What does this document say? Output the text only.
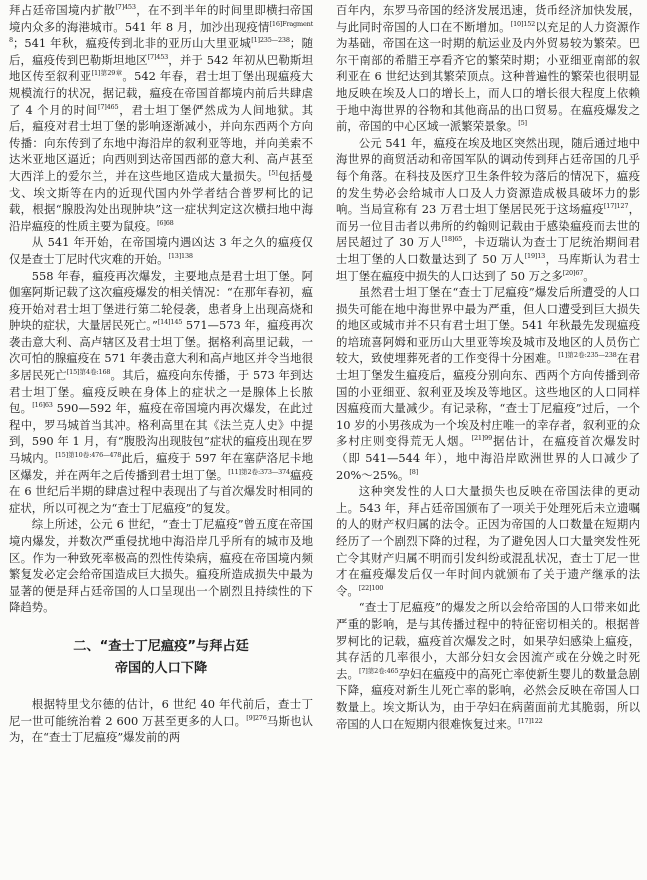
拜占廷帝国境内扩散$^{[7]453}$，在不到半年的时间里即横扫帝国境内众多的海港城市。541 年 8 月，加沙出现疫情$^{[16]Fragment 8}$；541 年秋，瘟疫传到北非的亚历山大里亚城$^{[1]235—238}$；随后，瘟疫传到巴勒斯坦地区$^{[7]453}$，并于 542 年初从巴勒斯坦地区传至叙利亚$^{[1]第29章}$。542 年春，君士坦丁堡出现瘟疫大规模流行的状况，据记载，瘟疫在帝国首都境内前后共肆虐了 4 个月的时间$^{[7]465}$，君士坦丁堡俨然成为人间地狱。其后，瘟疫对君士坦丁堡的影响逐渐减小，并向东西两个方向传播：向东传到了东地中海沿岸的叙利亚等地，并向美索不达米亚地区逼近；向西则到达帝国西部的意大利、高卢甚至大西洋上的爱尔兰，并在这些地区造成大量损失。[5]包括曼戈、埃文斯等在内的近现代国内外学者结合普罗柯比的记载，根据“腺股沟处出现肿块”这一症状判定这次横扫地中海沿岸瘟疫的性质主要为鼠疫。$^{[6]68}$

从 541 年开始，在帝国境内遇凶达 3 年之久的瘟疫仅仅是查士丁尼时代灾难的开始。$^{[13]138}$

558 年春，瘟疫再次爆发，主要地点是君士坦丁堡。阿伽塞阿斯记载了这次瘟疫爆发的相关情况：“在那年春初，瘟疫开始对君士坦丁堡进行第二轮侵袭，患者身上出现高烧和肿块的症状，大量居民死亡。”$^{[14]145}$ 571—573 年，瘟疫再次袭击意大利、高卢辖区及君士坦丁堡。据格利高里记载，一次可怕的腺瘟疫在 571 年袭击意大利和高卢地区并令当地很多居民死亡$^{[15]第4卷:168}$。其后，瘟疫向东传播，于 573 年到达君士坦丁堡。瘟疫反映在身体上的症状之一是腺体上长脓包。$^{[16]63}$ 590—592 年，瘟疫在帝国境内再次爆发，在此过程中，罗马城首当其冲。格利高里在其《法兰克人史》中提到，590 年 1 月，有“腹股沟出现肢包”症状的瘟疫出现在罗马城内。$^{[15]第10卷:476—478}$此后，瘟疫于 597 年在塞萨洛尼卡地区爆发，并在两年之后传播到君士坦丁堡。$^{[11]第2卷:373—374}$瘟疫在 6 世纪后半期的肆虐过程中表现出了与首次爆发时相同的症状，所以可视之为“查士丁尼瘟疫”的复发。

综上所述，公元 6 世纪，“查士丁尼瘟疫”曾五度在帝国境内爆发，并数次严重侵扰地中海沿岸几乎所有的城市及地区。作为一种致死率极高的烈性传染病，瘟疫在帝国境内频繁复发必定会给帝国造成巨大损失。瘟疫所造成损失中最为显著的便是拜占廷帝国的人口呈现出一个剧烈且持续性的下降趋势。

二、“查士丁尼瘟疫”与拜占廷
帝国的人口下降

根据特里戈尔德的估计，6 世纪 40 年代前后，查士丁尼一世可能统治着 2 600 万甚至更多的人口。$^{[9]276}$马斯也认为，在“查士丁尼瘟疫”爆发前的两

百年内，东罗马帝国的经济发展迅速，货币经济加快发展，与此同时帝国的人口在不断增加。$^{[10]152}$以充足的人力资源作为基础，帝国在这一时期的航运业及内外贸易较为繁荣。巴尔干南部的希腊王亭看齐它的繁荣时期；小亚细亚南部的叙利亚在 6 世纪达到其繁荣顶点。这种普遍性的繁荣也很明显地反映在埃及人口的增长上，而人口的增长很大程度上依赖于地中海世界的谷物和其他商品的出口贸易。在瘟疫爆发之前，帝国的中心区域一派繁荣景象。[5]

公元 541 年，瘟疫在埃及地区突然出现，随后通过地中海世界的商贸活动和帝国军队的调动传到拜占廷帝国的几乎每个角落。在科技及医疗卫生条件较为落后的情况下，瘟疫的发生势必会给城市人口及人力资源造成极具破坏力的影响。当局宣称有 23 万君士坦丁堡居民死于这场瘟疫$^{[17]127}$，而另一位目击者以弗所的约翰则记载由于感染瘟疫而去世的居民超过了 30 万人$^{[18]65}$，卡迈瑞认为查士丁尼统治期间君士坦丁堡的人口数量达到了 50 万人$^{[19]13}$，马库斯认为君士坦丁堡在瘟疫中损失的人口达到了 50 万之多$^{[20]67}$。

虽然君士坦丁堡在“查士丁尼瘟疫”爆发后所遭受的人口损失可能在地中海世界中最为严重，但人口遭受到巨大损失的地区或城市并不只有君士坦丁堡。541 年秋最先发现瘟疫的培琉喜阿姆和亚历山大里亚等埃及城市及地区的人员伤亡较大，致使埋葬死者的工作变得十分困难。$^{[1]第2卷:235—238}$在君士坦丁堡发生瘟疫后，瘟疫分别向东、西两个方向传播到帝国的小亚细亚、叙利亚及埃及等地区。这些地区的人口同样因瘟疫而大量减少。有记录称，“查士丁尼瘟疫”过后，一个 10 岁的小男孩成为一个埃及村庄唯一的幸存者，叙利亚的众多村庄则变得荒无人烟。$^{[21]99}$据估计，在瘟疫首次爆发时（即 541—544 年），地中海沿岸欧洲世界的人口减少了 20%～25%。[8]

这种突发性的人口大量损失也反映在帝国法律的更动上。543 年，拜占廷帝国颁布了一项关于处理死后未立遗嘱的人的财产权归属的法令。正因为帝国的人口数量在短期内经历了一个剧烈下降的过程，为了避免因人口大量突发性死亡令其财产归属不明而引发纠纷或混乱状况，查士丁尼一世才在瘟疫爆发后仅一年时间内就颁布了关于遗产继承的法令。$^{[22]100}$

“查士丁尼瘟疫”的爆发之所以会给帝国的人口带来如此严重的影响，是与其传播过程中的特征密切相关的。根据普罗柯比的记载，瘟疫首次爆发之时，如果孕妇感染上瘟疫，其存活的几率很小，大部分妇女会因流产或在分娩之时死去。$^{[7]第2卷:465}$孕妇在瘟疫中的高死亡率使新生婴儿的数量急剧下降，瘟疫对新生儿死亡率的影响，必然会反映在帝国人口数量上。埃文斯认为，由于孕妇在病菌面前尤其脆弱，所以帝国的人口在短期内很难恢复过来。$^{[17]122}$
